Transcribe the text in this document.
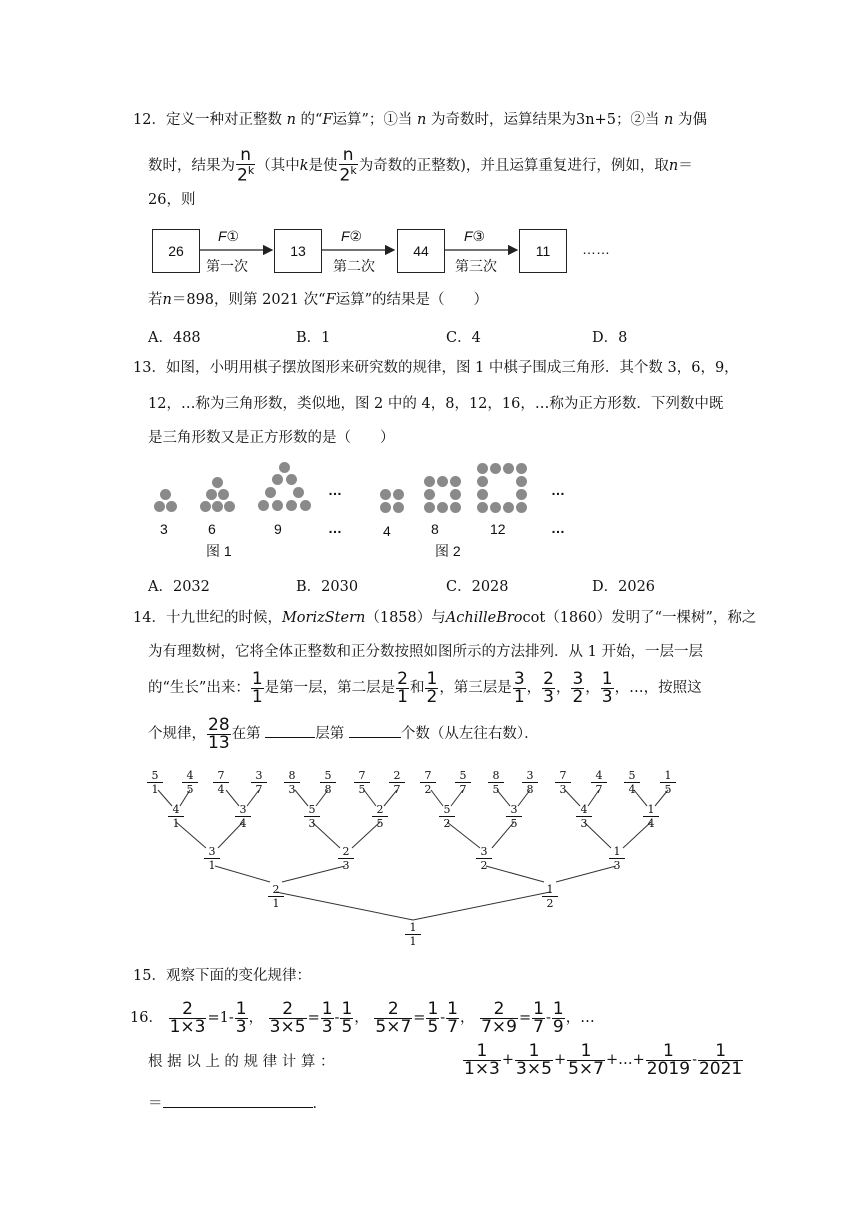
12．定义一种对正整数 n 的“F运算”；①当 n 为奇数时，运算结果为3n+5；②当 n 为偶
数时，结果为 $\frac{n}{2^k}$ （其中k是使 $\frac{n}{2^k}$ 为奇数的正整数)，并且运算重复进行，例如，取n＝
26，则
26	13	44	11
F①	F②	F③
第一次	第二次	第三次
……
若n＝898，则第 2021 次“F运算”的结果是（　　）
A．488	B．1	C．4	D．8
13．如图，小明用棋子摆放图形来研究数的规律，图 1 中棋子围成三角形．其个数 3，6，9，
12，…称为三角形数，类似地，图 2 中的 4，8，12，16，…称为正方形数．下列数中既
是三角形数又是正方形数的是（　　）
3	6	9
…
…	4	8	12
…
…
图 1	图 2
A．2032	B．2030	C．2028	D．2026
14．十九世纪的时候，MorizStern（1858）与AchilleBrocot（1860）发明了“一棵树”，称之
为有理数树，它将全体正整数和正分数按照如图所示的方法排列．从 1 开始，一层一层
的“生长”出来： $\frac{1}{1}$ 是第一层，第二层是 $\frac{2}{1}$ 和 $\frac{1}{2}$ ，第三层是 $\frac{3}{1}$ ， $\frac{2}{3}$ ， $\frac{3}{2}$ ， $\frac{1}{3}$ ，…，按照这
个规律， $\frac{28}{13}$ 在第	层第	个数（从左往右数）．
5
1
4
5
7
4
3
7
8
3
5
8
7
5
2
7
7
2
5
7
8
5
3
8
7
3
4
7
5
4
1
5
4
1
3
4
5
3
2
5
5
2
3
5
4
3
1
4
3
1
2
3
3
2
1
3
2
1
1
2
1
1
15．观察下面的变化规律：
16． $\frac{2}{1\times 3} =1- \frac{1}{3}$ ， $\frac{2}{3\times 5} = \frac{1}{3} - \frac{1}{5}$ ， $\frac{2}{5\times 7} = \frac{1}{5} - \frac{1}{7}$ ， $\frac{2}{7\times 9} = \frac{1}{7} - \frac{1}{9}$ ，…
根 据 以 上 的 规 律 计 算 ：	$\frac{1}{1\times 3} + \frac{1}{3\times 5} + \frac{1}{5\times 7}$ +…+ $\frac{1}{2019} - \frac{1}{2021}$
＝	．
